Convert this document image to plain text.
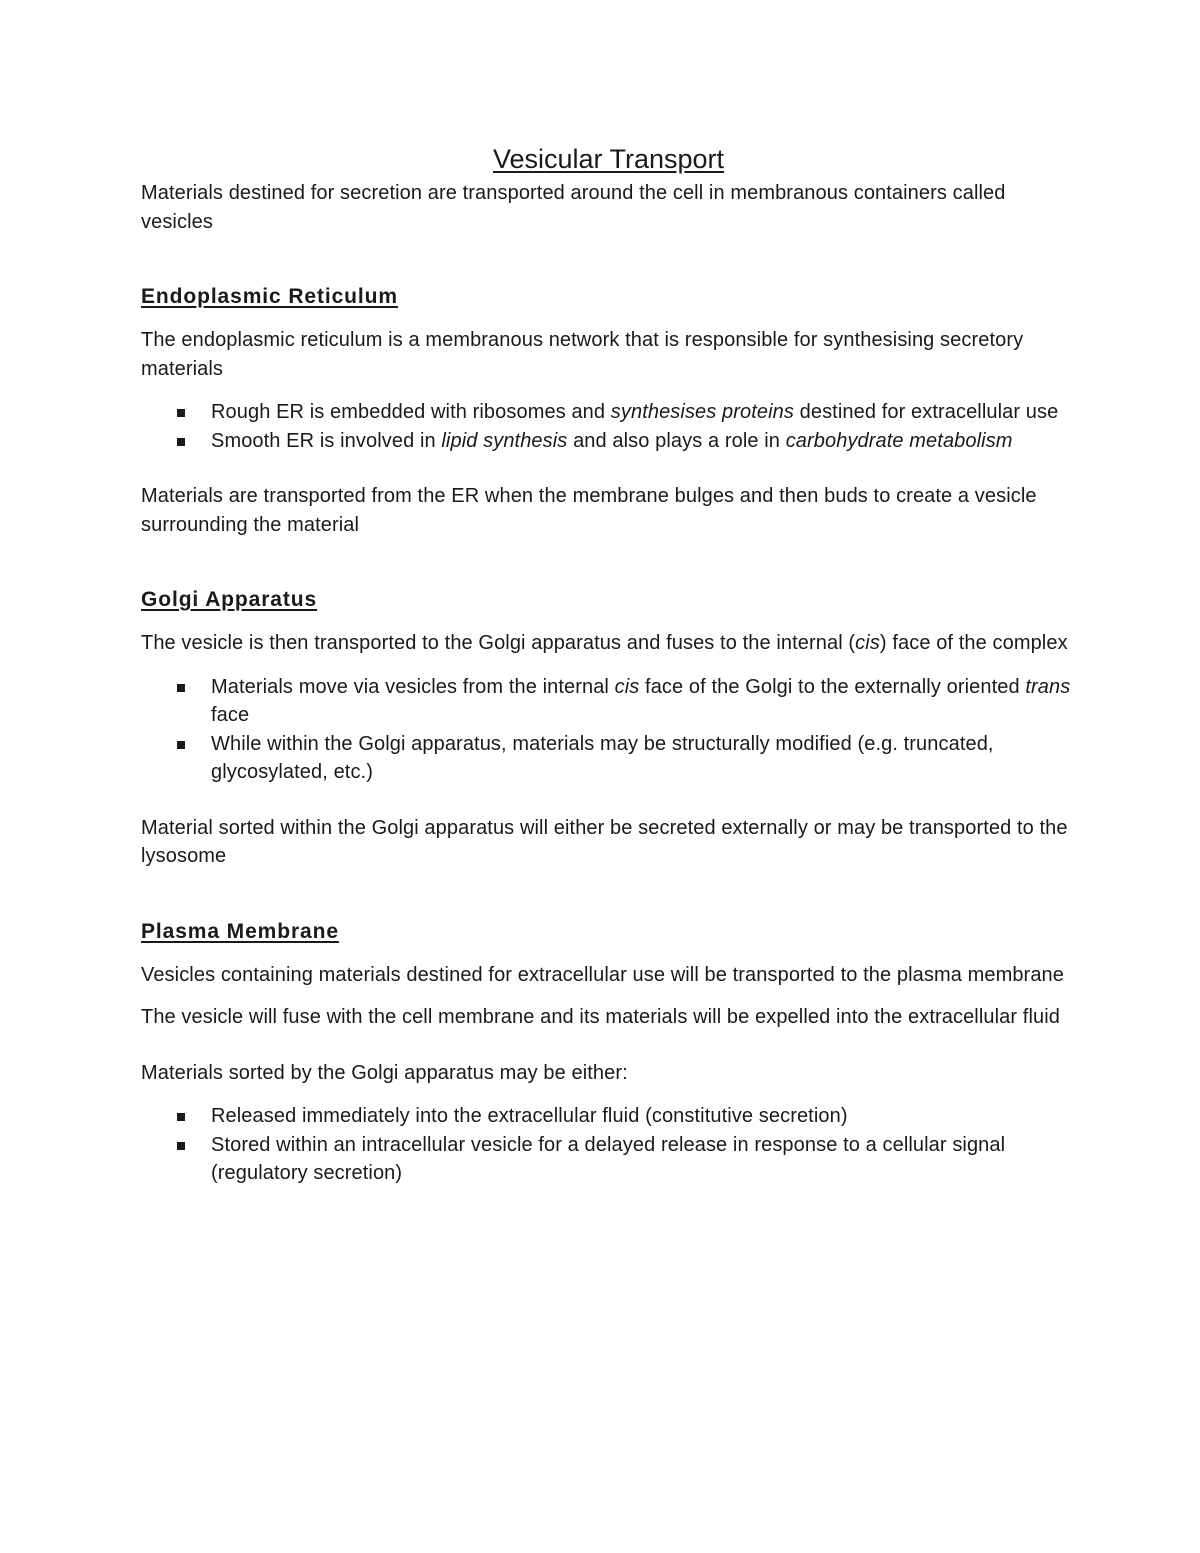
Vesicular Transport

Materials destined for secretion are transported around the cell in membranous containers called vesicles

Endoplasmic Reticulum

The endoplasmic reticulum is a membranous network that is responsible for synthesising secretory materials

Rough ER is embedded with ribosomes and synthesises proteins destined for extracellular use
Smooth ER is involved in lipid synthesis and also plays a role in carbohydrate metabolism

Materials are transported from the ER when the membrane bulges and then buds to create a vesicle surrounding the material

Golgi Apparatus

The vesicle is then transported to the Golgi apparatus and fuses to the internal (cis) face of the complex

Materials move via vesicles from the internal cis face of the Golgi to the externally oriented trans face
While within the Golgi apparatus, materials may be structurally modified (e.g. truncated, glycosylated, etc.)

Material sorted within the Golgi apparatus will either be secreted externally or may be transported to the lysosome

Plasma Membrane

Vesicles containing materials destined for extracellular use will be transported to the plasma membrane

The vesicle will fuse with the cell membrane and its materials will be expelled into the extracellular fluid

Materials sorted by the Golgi apparatus may be either:

Released immediately into the extracellular fluid (constitutive secretion)
Stored within an intracellular vesicle for a delayed release in response to a cellular signal (regulatory secretion)
